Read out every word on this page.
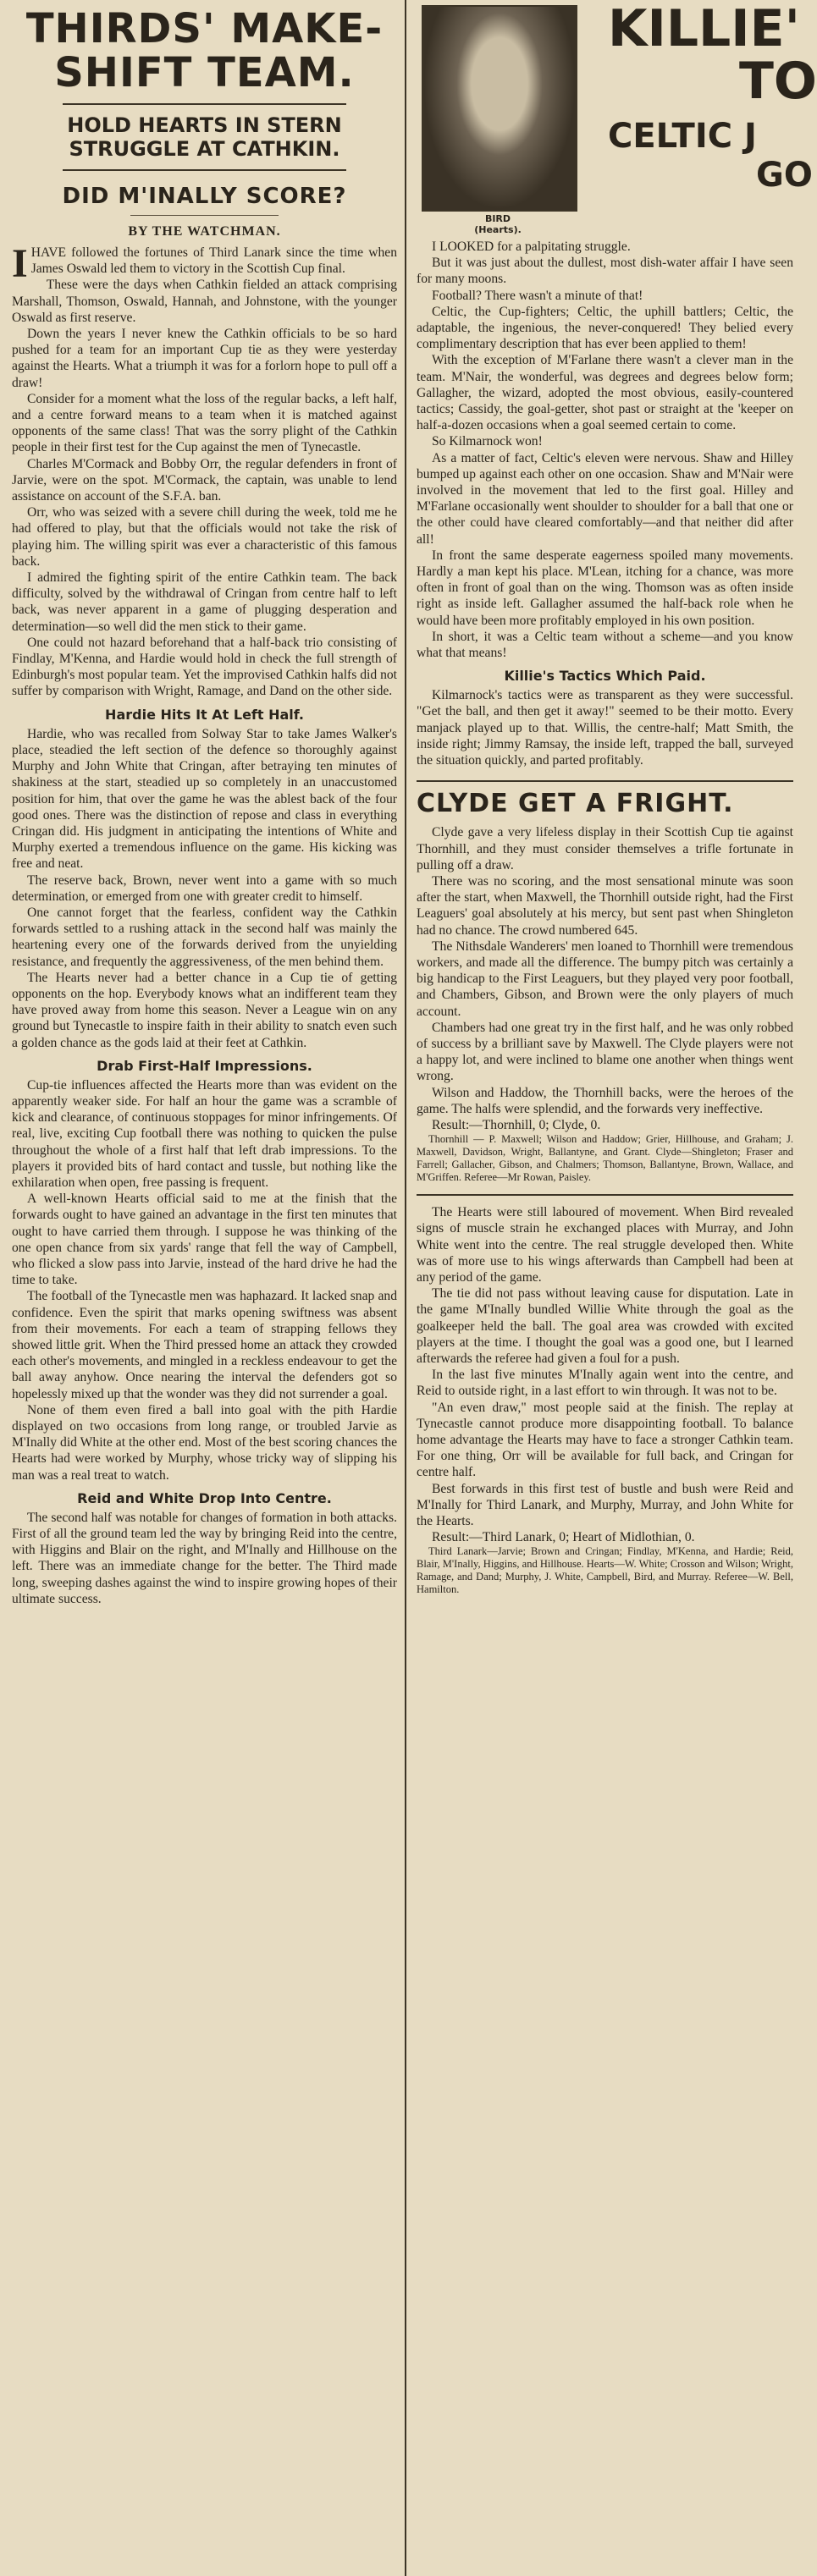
THIRDS' MAKE-

SHIFT TEAM.

HOLD HEARTS IN STERN

STRUGGLE AT CATHKIN.

DID M'INALLY SCORE?

BY THE WATCHMAN.

I HAVE followed the fortunes of Third Lanark since the time when James Oswald led them to victory in the Scottish Cup final.

These were the days when Cathkin fielded an attack comprising Marshall, Thomson, Oswald, Hannah, and Johnstone, with the younger Oswald as first reserve.

Down the years I never knew the Cathkin officials to be so hard pushed for a team for an important Cup tie as they were yesterday against the Hearts. What a triumph it was for a forlorn hope to pull off a draw!

Consider for a moment what the loss of the regular backs, a left half, and a centre forward means to a team when it is matched against opponents of the same class! That was the sorry plight of the Cathkin people in their first test for the Cup against the men of Tynecastle.

Charles M'Cormack and Bobby Orr, the regular defenders in front of Jarvie, were on the spot. M'Cormack, the captain, was unable to lend assistance on account of the S.F.A. ban.

Orr, who was seized with a severe chill during the week, told me he had offered to play, but that the officials would not take the risk of playing him. The willing spirit was ever a characteristic of this famous back.

I admired the fighting spirit of the entire Cathkin team. The back difficulty, solved by the withdrawal of Cringan from centre half to left back, was never apparent in a game of plugging desperation and determination—so well did the men stick to their game.

One could not hazard beforehand that a half-back trio consisting of Findlay, M'Kenna, and Hardie would hold in check the full strength of Edinburgh's most popular team. Yet the improvised Cathkin halfs did not suffer by comparison with Wright, Ramage, and Dand on the other side.

Hardie Hits It At Left Half.

Hardie, who was recalled from Solway Star to take James Walker's place, steadied the left section of the defence so thoroughly against Murphy and John White that Cringan, after betraying ten minutes of shakiness at the start, steadied up so completely in an unaccustomed position for him, that over the game he was the ablest back of the four good ones. There was the distinction of repose and class in everything Cringan did. His judgment in anticipating the intentions of White and Murphy exerted a tremendous influence on the game. His kicking was free and neat.

The reserve back, Brown, never went into a game with so much determination, or emerged from one with greater credit to himself.

One cannot forget that the fearless, confident way the Cathkin forwards settled to a rushing attack in the second half was mainly the heartening every one of the forwards derived from the unyielding resistance, and frequently the aggressiveness, of the men behind them.

The Hearts never had a better chance in a Cup tie of getting opponents on the hop. Everybody knows what an indifferent team they have proved away from home this season. Never a League win on any ground but Tynecastle to inspire faith in their ability to snatch even such a golden chance as the gods laid at their feet at Cathkin.

Drab First-Half Impressions.

Cup-tie influences affected the Hearts more than was evident on the apparently weaker side. For half an hour the game was a scramble of kick and clearance, of continuous stoppages for minor infringements. Of real, live, exciting Cup football there was nothing to quicken the pulse throughout the whole of a first half that left drab impressions. To the players it provided bits of hard contact and tussle, but nothing like the exhilaration when open, free passing is frequent.

A well-known Hearts official said to me at the finish that the forwards ought to have gained an advantage in the first ten minutes that ought to have carried them through. I suppose he was thinking of the one open chance from six yards' range that fell the way of Campbell, who flicked a slow pass into Jarvie, instead of the hard drive he had the time to take.

The football of the Tynecastle men was haphazard. It lacked snap and confidence. Even the spirit that marks opening swiftness was absent from their movements. For each a team of strapping fellows they showed little grit. When the Third pressed home an attack they crowded each other's movements, and mingled in a reckless endeavour to get the ball away anyhow. Once nearing the interval the defenders got so hopelessly mixed up that the wonder was they did not surrender a goal.

None of them even fired a ball into goal with the pith Hardie displayed on two occasions from long range, or troubled Jarvie as M'Inally did White at the other end. Most of the best scoring chances the Hearts had were worked by Murphy, whose tricky way of slipping his man was a real treat to watch.

Reid and White Drop Into Centre.

The second half was notable for changes of formation in both attacks. First of all the ground team led the way by bringing Reid into the centre, with Higgins and Blair on the right, and M'Inally and Hillhouse on the left. There was an immediate change for the better. The Third made long, sweeping dashes against the wind to inspire growing hopes of their ultimate success.

BIRD
(Hearts).

KILLIE'

TO

CELTIC J

GO

I LOOKED for a palpitating struggle.

But it was just about the dullest, most dish-water affair I have seen for many moons.

Football? There wasn't a minute of that!

Celtic, the Cup-fighters; Celtic, the uphill battlers; Celtic, the adaptable, the ingenious, the never-conquered! They belied every complimentary description that has ever been applied to them!

With the exception of M'Farlane there wasn't a clever man in the team. M'Nair, the wonderful, was degrees and degrees below form; Gallagher, the wizard, adopted the most obvious, easily-countered tactics; Cassidy, the goal-getter, shot past or straight at the 'keeper on half-a-dozen occasions when a goal seemed certain to come.

So Kilmarnock won!

As a matter of fact, Celtic's eleven were nervous. Shaw and Hilley bumped up against each other on one occasion. Shaw and M'Nair were involved in the movement that led to the first goal. Hilley and M'Farlane occasionally went shoulder to shoulder for a ball that one or the other could have cleared comfortably—and that neither did after all!

In front the same desperate eagerness spoiled many movements. Hardly a man kept his place. M'Lean, itching for a chance, was more often in front of goal than on the wing. Thomson was as often inside right as inside left. Gallagher assumed the half-back role when he would have been more profitably employed in his own position.

In short, it was a Celtic team without a scheme—and you know what that means!

Killie's Tactics Which Paid.

Kilmarnock's tactics were as transparent as they were successful. "Get the ball, and then get it away!" seemed to be their motto. Every manjack played up to that. Willis, the centre-half; Matt Smith, the inside right; Jimmy Ramsay, the inside left, trapped the ball, surveyed the situation quickly, and parted profitably.

CLYDE GET A FRIGHT.

Clyde gave a very lifeless display in their Scottish Cup tie against Thornhill, and they must consider themselves a trifle fortunate in pulling off a draw.

There was no scoring, and the most sensational minute was soon after the start, when Maxwell, the Thornhill outside right, had the First Leaguers' goal absolutely at his mercy, but sent past when Shingleton had no chance. The crowd numbered 645.

The Nithsdale Wanderers' men loaned to Thornhill were tremendous workers, and made all the difference. The bumpy pitch was certainly a big handicap to the First Leaguers, but they played very poor football, and Chambers, Gibson, and Brown were the only players of much account.

Chambers had one great try in the first half, and he was only robbed of success by a brilliant save by Maxwell. The Clyde players were not a happy lot, and were inclined to blame one another when things went wrong.

Wilson and Haddow, the Thornhill backs, were the heroes of the game. The halfs were splendid, and the forwards very ineffective.

Result:—Thornhill, 0; Clyde, 0.

Thornhill — P. Maxwell; Wilson and Haddow; Grier, Hillhouse, and Graham; J. Maxwell, Davidson, Wright, Ballantyne, and Grant. Clyde—Shingleton; Fraser and Farrell; Gallacher, Gibson, and Chalmers; Thomson, Ballantyne, Brown, Wallace, and M'Griffen. Referee—Mr Rowan, Paisley.

The Hearts were still laboured of movement. When Bird revealed signs of muscle strain he exchanged places with Murray, and John White went into the centre. The real struggle developed then. White was of more use to his wings afterwards than Campbell had been at any period of the game.

The tie did not pass without leaving cause for disputation. Late in the game M'Inally bundled Willie White through the goal as the goalkeeper held the ball. The goal area was crowded with excited players at the time. I thought the goal was a good one, but I learned afterwards the referee had given a foul for a push.

In the last five minutes M'Inally again went into the centre, and Reid to outside right, in a last effort to win through. It was not to be.

"An even draw," most people said at the finish. The replay at Tynecastle cannot produce more disappointing football. To balance home advantage the Hearts may have to face a stronger Cathkin team. For one thing, Orr will be available for full back, and Cringan for centre half.

Best forwards in this first test of bustle and bush were Reid and M'Inally for Third Lanark, and Murphy, Murray, and John White for the Hearts.

Result:—Third Lanark, 0; Heart of Midlothian, 0.

Third Lanark—Jarvie; Brown and Cringan; Findlay, M'Kenna, and Hardie; Reid, Blair, M'Inally, Higgins, and Hillhouse. Hearts—W. White; Crosson and Wilson; Wright, Ramage, and Dand; Murphy, J. White, Campbell, Bird, and Murray. Referee—W. Bell, Hamilton.
